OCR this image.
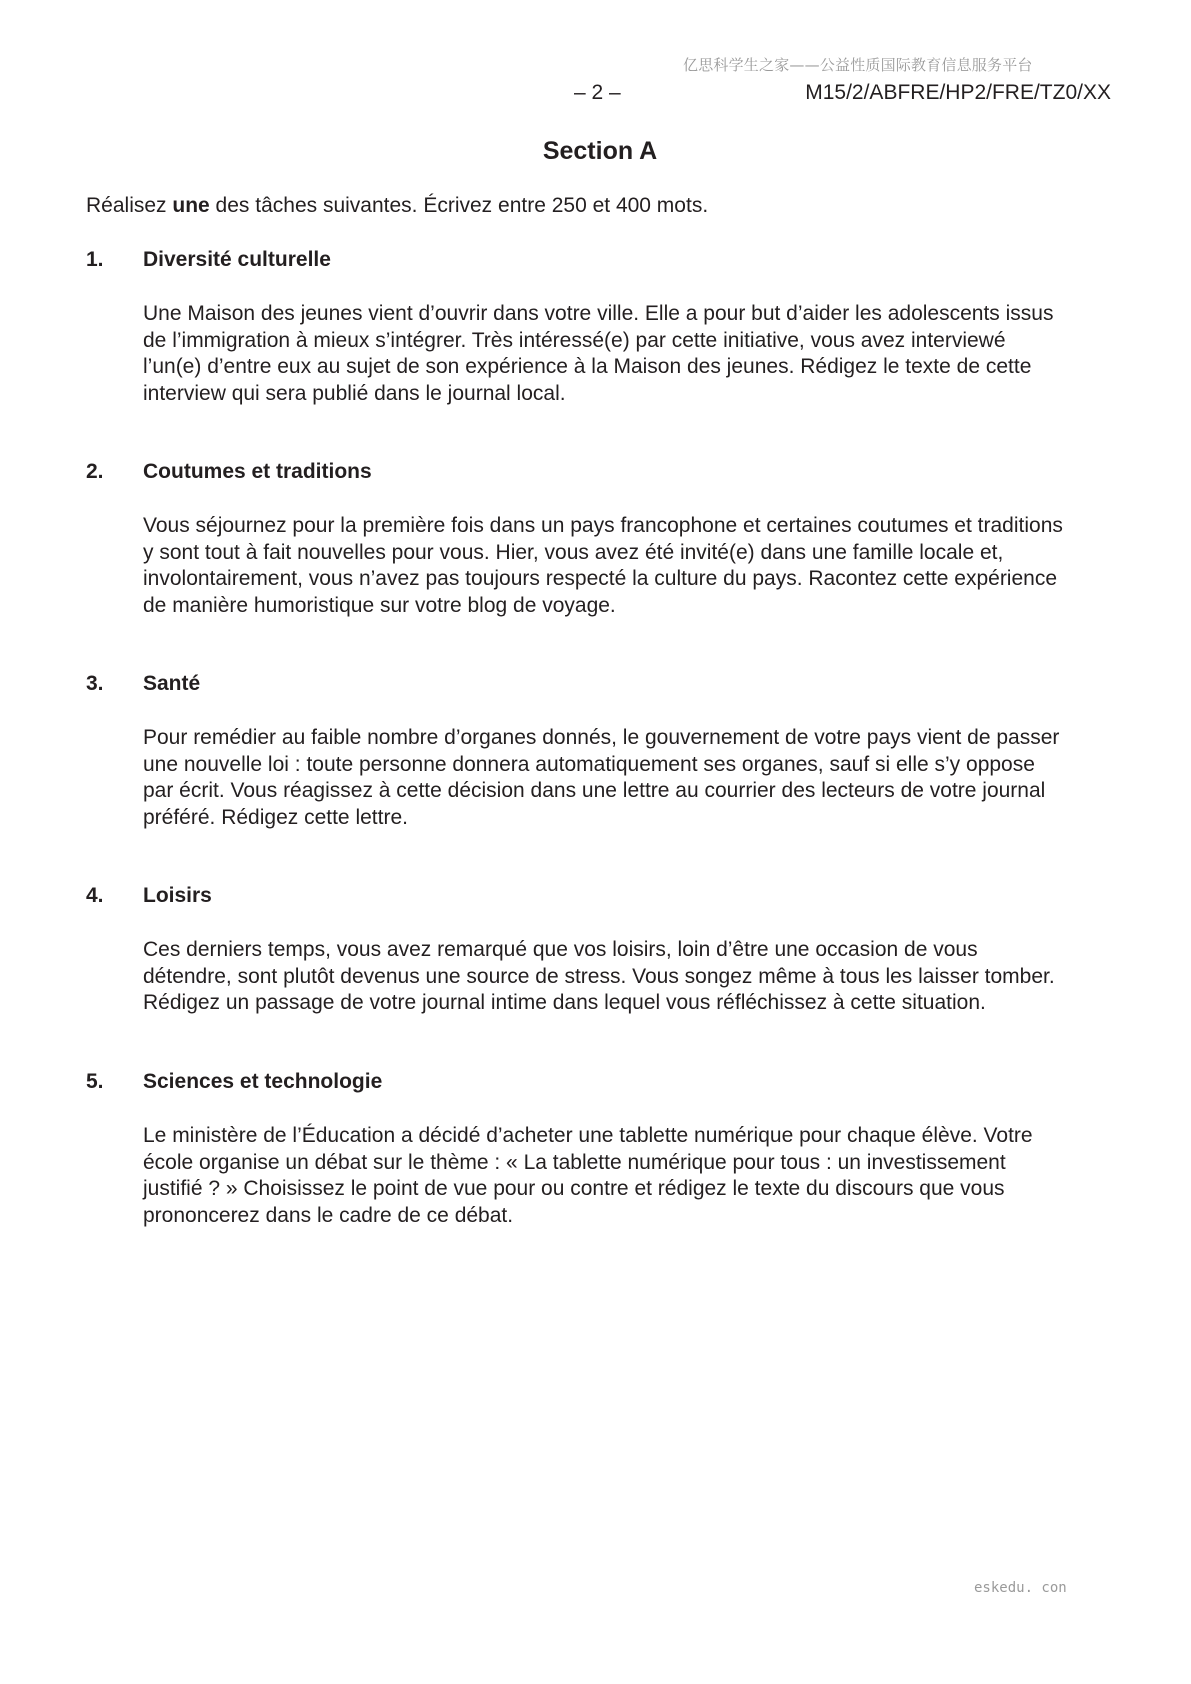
亿思科学生之家——公益性质国际教育信息服务平台
– 2 –	M15/2/ABFRE/HP2/FRE/TZ0/XX
Section A
Réalisez une des tâches suivantes. Écrivez entre 250 et 400 mots.
1.	Diversité culturelle

Une Maison des jeunes vient d’ouvrir dans votre ville. Elle a pour but d’aider les adolescents issus

de l’immigration à mieux s’intégrer. Très intéressé(e) par cette initiative, vous avez interviewé

l’un(e) d’entre eux au sujet de son expérience à la Maison des jeunes. Rédigez le texte de cette

interview qui sera publié dans le journal local.

2.	Coutumes et traditions

Vous séjournez pour la première fois dans un pays francophone et certaines coutumes et traditions

y sont tout à fait nouvelles pour vous. Hier, vous avez été invité(e) dans une famille locale et,

involontairement, vous n’avez pas toujours respecté la culture du pays. Racontez cette expérience

de manière humoristique sur votre blog de voyage.

3.	Santé

Pour remédier au faible nombre d’organes donnés, le gouvernement de votre pays vient de passer

une nouvelle loi : toute personne donnera automatiquement ses organes, sauf si elle s’y oppose

par écrit. Vous réagissez à cette décision dans une lettre au courrier des lecteurs de votre journal

préféré. Rédigez cette lettre.

4.	Loisirs

Ces derniers temps, vous avez remarqué que vos loisirs, loin d’être une occasion de vous

détendre, sont plutôt devenus une source de stress. Vous songez même à tous les laisser tomber.

Rédigez un passage de votre journal intime dans lequel vous réfléchissez à cette situation.

5.	Sciences et technologie

Le ministère de l’Éducation a décidé d’acheter une tablette numérique pour chaque élève. Votre

école organise un débat sur le thème : « La tablette numérique pour tous : un investissement

justifié ? » Choisissez le point de vue pour ou contre et rédigez le texte du discours que vous

prononcerez dans le cadre de ce débat.

eskedu. con
